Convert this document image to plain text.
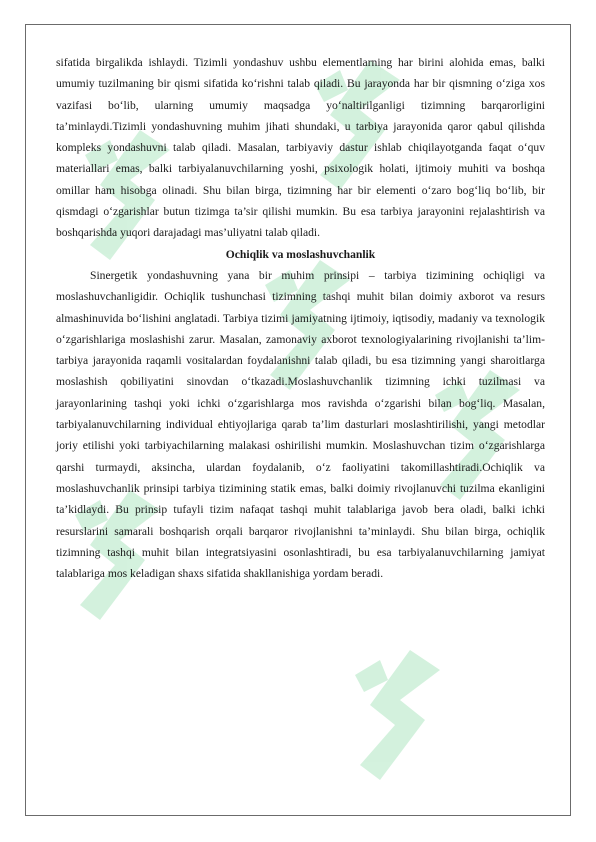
sifatida birgalikda ishlaydi. Tizimli yondashuv ushbu elementlarning har birini alohida emas, balki umumiy tuzilmaning bir qismi sifatida ko‘rishni talab qiladi. Bu jarayonda har bir qismning o‘ziga xos vazifasi bo‘lib, ularning umumiy maqsadga yo‘naltirilganligi tizimning barqarorligini ta’minlaydi.Tizimli yondashuvning muhim jihati shundaki, u tarbiya jarayonida qaror qabul qilishda kompleks yondashuvni talab qiladi. Masalan, tarbiyaviy dastur ishlab chiqilayotganda faqat o‘quv materiallari emas, balki tarbiyalanuvchilarning yoshi, psixologik holati, ijtimoiy muhiti va boshqa omillar ham hisobga olinadi. Shu bilan birga, tizimning har bir elementi o‘zaro bog‘liq bo‘lib, bir qismdagi o‘zgarishlar butun tizimga ta’sir qilishi mumkin. Bu esa tarbiya jarayonini rejalashtirish va boshqarishda yuqori darajadagi mas’uliyatni talab qiladi.

Ochiqlik va moslashuvchanlik

Sinergetik yondashuvning yana bir muhim prinsipi – tarbiya tizimining ochiqligi va moslashuvchanligidir. Ochiqlik tushunchasi tizimning tashqi muhit bilan doimiy axborot va resurs almashinuvida bo‘lishini anglatadi. Tarbiya tizimi jamiyatning ijtimoiy, iqtisodiy, madaniy va texnologik o‘zgarishlariga moslashishi zarur. Masalan, zamonaviy axborot texnologiyalarining rivojlanishi ta’lim-tarbiya jarayonida raqamli vositalardan foydalanishni talab qiladi, bu esa tizimning yangi sharoitlarga moslashish qobiliyatini sinovdan o‘tkazadi.Moslashuvchanlik tizimning ichki tuzilmasi va jarayonlarining tashqi yoki ichki o‘zgarishlarga mos ravishda o‘zgarishi bilan bog‘liq. Masalan, tarbiyalanuvchilarning individual ehtiyojlariga qarab ta’lim dasturlari moslashtirilishi, yangi metodlar joriy etilishi yoki tarbiyachilarning malakasi oshirilishi mumkin. Moslashuvchan tizim o‘zgarishlarga qarshi turmaydi, aksincha, ulardan foydalanib, o‘z faoliyatini takomillashtiradi.Ochiqlik va moslashuvchanlik prinsipi tarbiya tizimining statik emas, balki doimiy rivojlanuvchi tuzilma ekanligini ta’kidlaydi. Bu prinsip tufayli tizim nafaqat tashqi muhit talablariga javob bera oladi, balki ichki resurslarini samarali boshqarish orqali barqaror rivojlanishni ta’minlaydi. Shu bilan birga, ochiqlik tizimning tashqi muhit bilan integratsiyasini osonlashtiradi, bu esa tarbiyalanuvchilarning jamiyat talablariga mos keladigan shaxs sifatida shakllanishiga yordam beradi.
